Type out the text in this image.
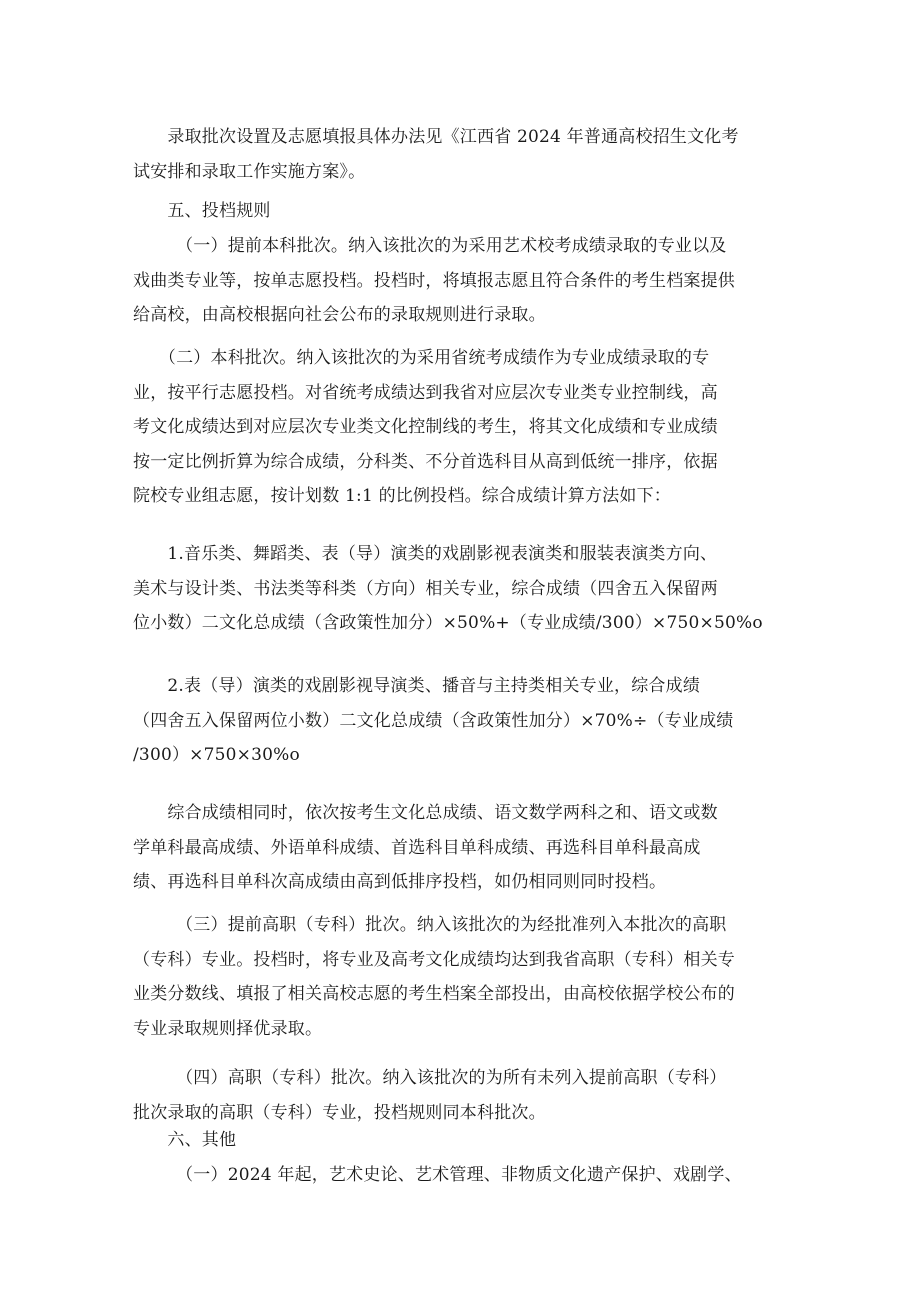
　　录取批次设置及志愿填报具体办法见《江西省 2024 年普通高校招生文化考
试安排和录取工作实施方案》。

　　五、投档规则

　　　（一）提前本科批次。纳入该批次的为采用艺术校考成绩录取的专业以及
戏曲类专业等，按单志愿投档。投档时，将填报志愿且符合条件的考生档案提供
给高校，由高校根据向社会公布的录取规则进行录取。

　　（二）本科批次。纳入该批次的为采用省统考成绩作为专业成绩录取的专
业，按平行志愿投档。对省统考成绩达到我省对应层次专业类专业控制线，高
考文化成绩达到对应层次专业类文化控制线的考生，将其文化成绩和专业成绩
按一定比例折算为综合成绩，分科类、不分首选科目从高到低统一排序，依据
院校专业组志愿，按计划数 1:1 的比例投档。综合成绩计算方法如下：

　　1.音乐类、舞蹈类、表（导）演类的戏剧影视表演类和服装表演类方向、
美术与设计类、书法类等科类（方向）相关专业，综合成绩（四舍五入保留两
位小数）二文化总成绩（含政策性加分）×50%+（专业成绩/300）×750×50%o

　　2.表（导）演类的戏剧影视导演类、播音与主持类相关专业，综合成绩
（四舍五入保留两位小数）二文化总成绩（含政策性加分）×70%÷（专业成绩
/300）×750×30%o

　　综合成绩相同时，依次按考生文化总成绩、语文数学两科之和、语文或数
学单科最高成绩、外语单科成绩、首选科目单科成绩、再选科目单科最高成
绩、再选科目单科次高成绩由高到低排序投档，如仍相同则同时投档。

　　　（三）提前高职（专科）批次。纳入该批次的为经批准列入本批次的高职
（专科）专业。投档时，将专业及高考文化成绩均达到我省高职（专科）相关专
业类分数线、填报了相关高校志愿的考生档案全部投出，由高校依据学校公布的
专业录取规则择优录取。

　　　（四）高职（专科）批次。纳入该批次的为所有未列入提前高职（专科）
批次录取的高职（专科）专业，投档规则同本科批次。

　　六、其他

　　　（一）2024 年起，艺术史论、艺术管理、非物质文化遗产保护、戏剧学、
